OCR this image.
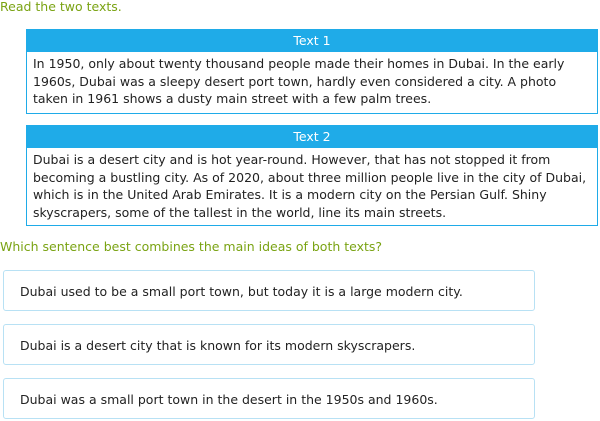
Read the two texts.
Text 1
In 1950, only about twenty thousand people made their homes in Dubai. In the early 1960s, Dubai was a sleepy desert port town, hardly even considered a city. A photo taken in 1961 shows a dusty main street with a few palm trees.
Text 2
Dubai is a desert city and is hot year-round. However, that has not stopped it from becoming a bustling city. As of 2020, about three million people live in the city of Dubai, which is in the United Arab Emirates. It is a modern city on the Persian Gulf. Shiny skyscrapers, some of the tallest in the world, line its main streets.
Which sentence best combines the main ideas of both texts?
Dubai used to be a small port town, but today it is a large modern city.
Dubai is a desert city that is known for its modern skyscrapers.
Dubai was a small port town in the desert in the 1950s and 1960s.
